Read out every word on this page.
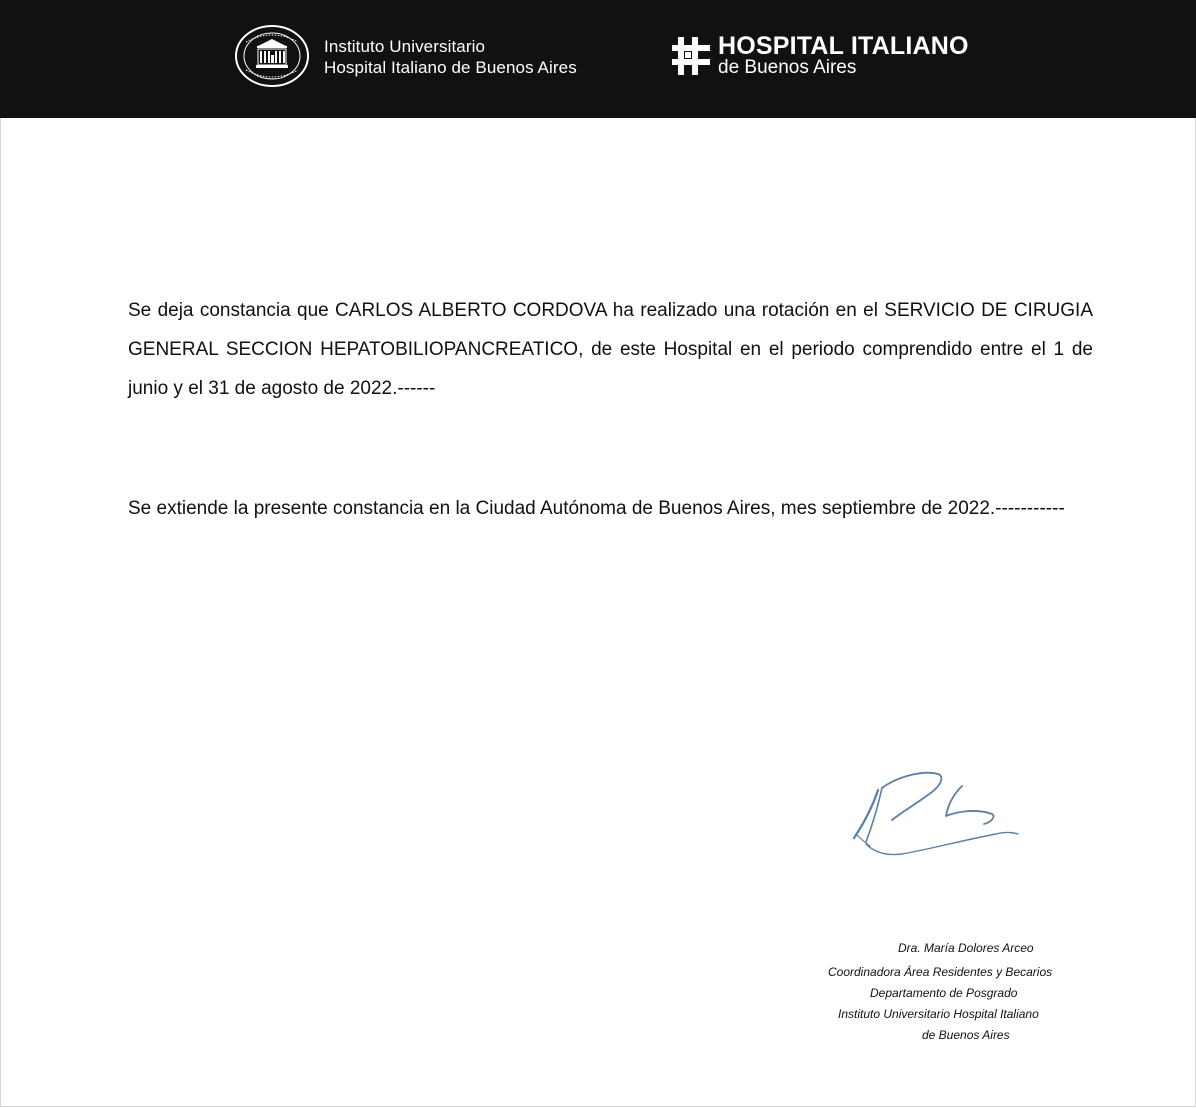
Instituto Universitario
Hospital Italiano de Buenos Aires
HOSPITAL ITALIANO
de Buenos Aires

Se deja constancia que CARLOS ALBERTO CORDOVA ha realizado una rotación en el SERVICIO DE CIRUGIA GENERAL SECCION HEPATOBILIOPANCREATICO, de este Hospital en el periodo comprendido entre el 1 de junio y el 31 de agosto de 2022.------

Se extiende la presente constancia en la Ciudad Autónoma de Buenos Aires, mes septiembre de 2022.-----------

Dra. María Dolores Arceo
Coordinadora Área Residentes y Becarios
Departamento de Posgrado
Instituto Universitario Hospital Italiano
de Buenos Aires
